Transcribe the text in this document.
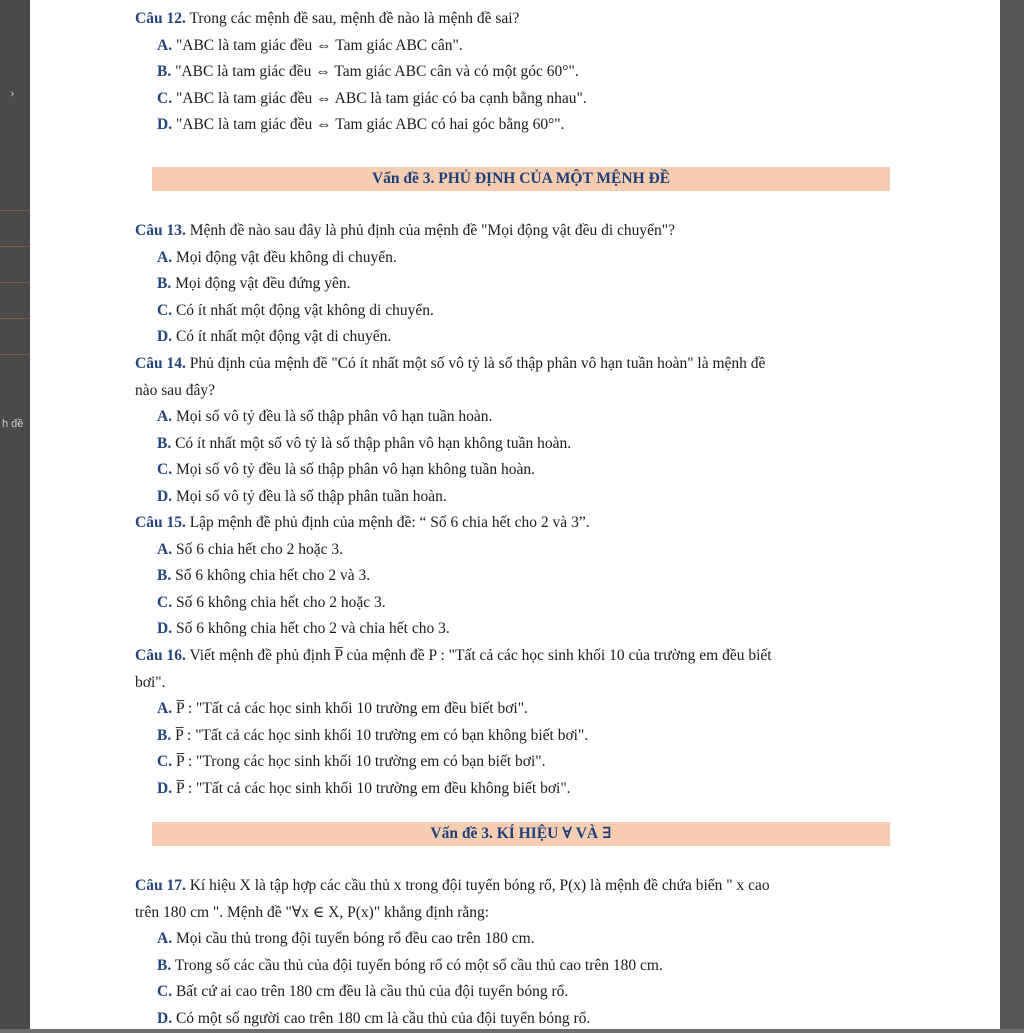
›
h đề
Câu 12. Trong các mệnh đề sau, mệnh đề nào là mệnh đề sai?
A. "ABC là tam giác đều ⇔ Tam giác ABC cân".
B. "ABC là tam giác đều ⇔ Tam giác ABC cân và có một góc 60°".
C. "ABC là tam giác đều ⇔ ABC là tam giác có ba cạnh bằng nhau".
D. "ABC là tam giác đều ⇔ Tam giác ABC có hai góc bằng 60°".
Vấn đề 3. PHỦ ĐỊNH CỦA MỘT MỆNH ĐỀ
Câu 13. Mệnh đề nào sau đây là phủ định của mệnh đề "Mọi động vật đều di chuyển"?
A. Mọi động vật đều không di chuyển.
B. Mọi động vật đều đứng yên.
C. Có ít nhất một động vật không di chuyển.
D. Có ít nhất một động vật di chuyển.
Câu 14. Phủ định của mệnh đề "Có ít nhất một số vô tỷ là số thập phân vô hạn tuần hoàn" là mệnh đề
nào sau đây?
A. Mọi số vô tỷ đều là số thập phân vô hạn tuần hoàn.
B. Có ít nhất một số vô tỷ là số thập phân vô hạn không tuần hoàn.
C. Mọi số vô tỷ đều là số thập phân vô hạn không tuần hoàn.
D. Mọi số vô tỷ đều là số thập phân tuần hoàn.
Câu 15. Lập mệnh đề phủ định của mệnh đề: “ Số 6 chia hết cho 2 và 3”.
A. Số 6 chia hết cho 2 hoặc 3.
B. Số 6 không chia hết cho 2 và 3.
C. Số 6 không chia hết cho 2 hoặc 3.
D. Số 6 không chia hết cho 2 và chia hết cho 3.
Câu 16. Viết mệnh đề phủ định P̅ của mệnh đề P : "Tất cả các học sinh khối 10 của trường em đều biết
bơi".
A. P̅ : "Tất cả các học sinh khối 10 trường em đều biết bơi".
B. P̅ : "Tất cả các học sinh khối 10 trường em có bạn không biết bơi".
C. P̅ : "Trong các học sinh khối 10 trường em có bạn biết bơi".
D. P̅ : "Tất cả các học sinh khối 10 trường em đều không biết bơi".
Vấn đề 3. KÍ HIỆU ∀ VÀ ∃
Câu 17. Kí hiệu X là tập hợp các cầu thủ x trong đội tuyển bóng rổ, P(x) là mệnh đề chứa biến " x cao
trên 180 cm ". Mệnh đề "∀x ∈ X, P(x)" khẳng định rằng:
A. Mọi cầu thủ trong đội tuyển bóng rổ đều cao trên 180 cm.
B. Trong số các cầu thủ của đội tuyển bóng rổ có một số cầu thủ cao trên 180 cm.
C. Bất cứ ai cao trên 180 cm đều là cầu thủ của đội tuyển bóng rổ.
D. Có một số người cao trên 180 cm là cầu thủ của đội tuyển bóng rổ.
